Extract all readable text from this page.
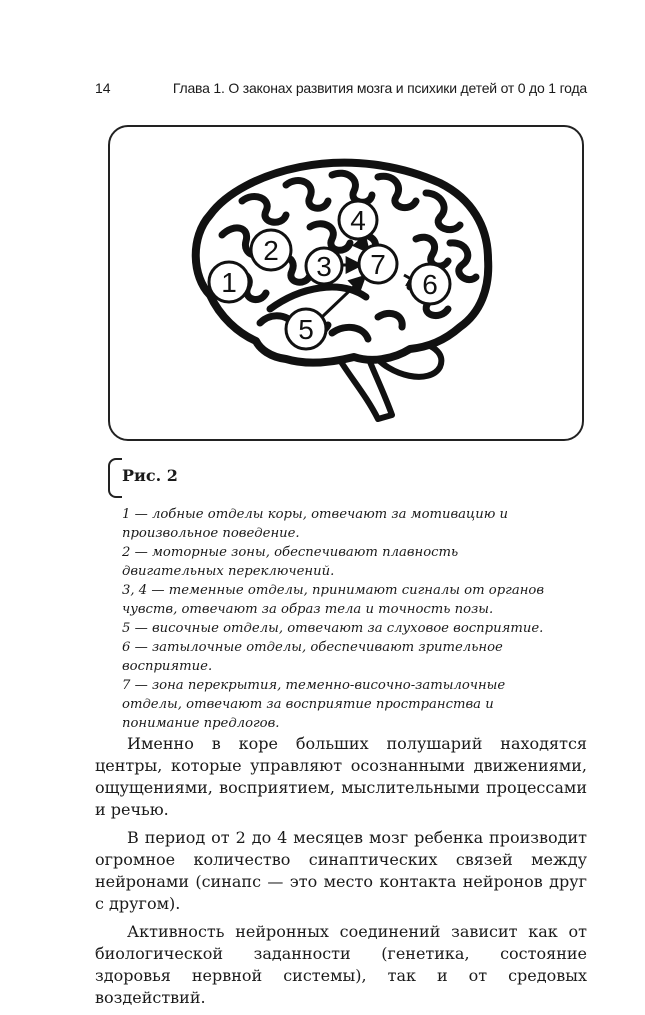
14	Глава 1. О законах развития мозга и психики детей от 0 до 1 года
1
2
3
4
7
6
5
Рис. 2
1 — лобные отделы коры, отвечают за мотивацию и произвольное поведение.
2 — моторные зоны, обеспечивают плавность двигательных переключений.
3, 4 — теменные отделы, принимают сигналы от органов чувств, отвечают за образ тела и точность позы.
5 — височные отделы, отвечают за слуховое восприятие.
6 — затылочные отделы, обеспечивают зрительное восприятие.
7 — зона перекрытия, теменно-височно-затылочные отделы, отвечают за восприятие пространства и понимание предлогов.

Именно в коре больших полушарий находятся центры, которые управляют осознанными движениями, ощущениями, восприятием, мыслительными процессами и речью.

В период от 2 до 4 месяцев мозг ребенка производит огромное количество синаптических связей между нейронами (синапс — это место контакта нейронов друг с другом).

Активность нейронных соединений зависит как от биологической заданности (генетика, состояние здоровья нервной системы), так и от средовых воздействий.
